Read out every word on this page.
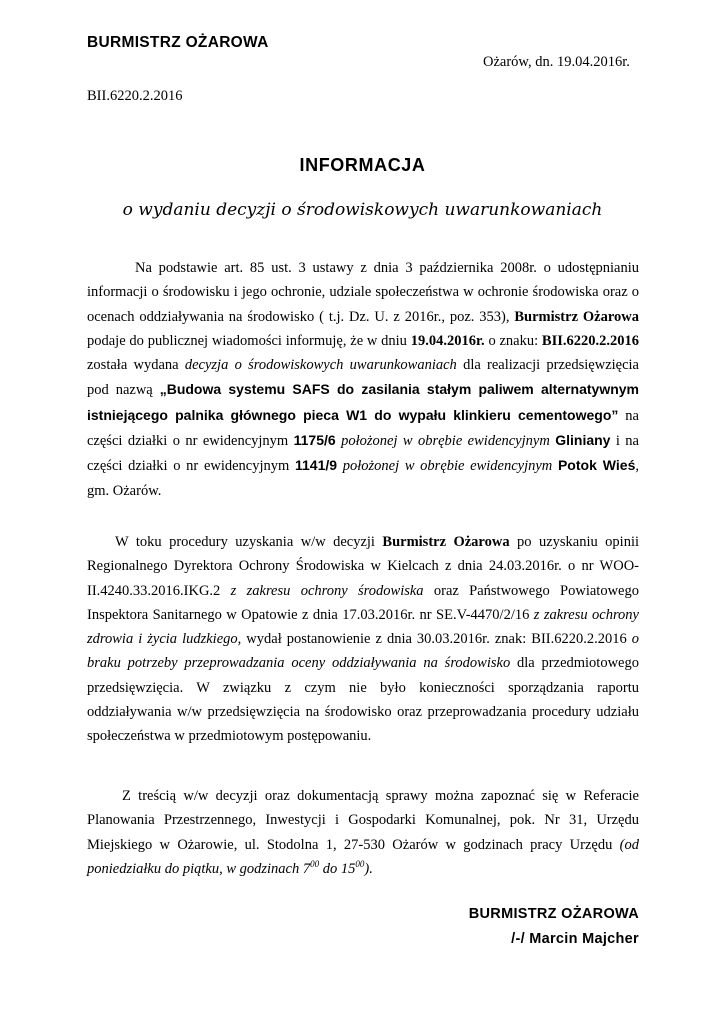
BURMISTRZ OŻAROWA
Ożarów, dn. 19.04.2016r.
BII.6220.2.2016
INFORMACJA
o wydaniu decyzji o środowiskowych uwarunkowaniach

Na podstawie art. 85 ust. 3 ustawy z dnia 3 października 2008r. o udostępnianiu informacji o środowisku i jego ochronie, udziale społeczeństwa w ochronie środowiska oraz o ocenach oddziaływania na środowisko ( t.j. Dz. U. z 2016r., poz. 353), Burmistrz Ożarowa podaje do publicznej wiadomości informuję, że w dniu 19.04.2016r. o znaku: BII.6220.2.2016 została wydana decyzja o środowiskowych uwarunkowaniach dla realizacji przedsięwzięcia pod nazwą „Budowa systemu SAFS do zasilania stałym paliwem alternatywnym istniejącego palnika głównego pieca W1 do wypału klinkieru cementowego” na części działki o nr ewidencyjnym 1175/6 położonej w obrębie ewidencyjnym Gliniany i na części działki o nr ewidencyjnym 1141/9 położonej w obrębie ewidencyjnym Potok Wieś, gm. Ożarów.

W toku procedury uzyskania w/w decyzji Burmistrz Ożarowa po uzyskaniu opinii Regionalnego Dyrektora Ochrony Środowiska w Kielcach z dnia 24.03.2016r. o nr WOO-II.4240.33.2016.IKG.2 z zakresu ochrony środowiska oraz Państwowego Powiatowego Inspektora Sanitarnego w Opatowie z dnia 17.03.2016r. nr SE.V-4470/2/16 z zakresu ochrony zdrowia i życia ludzkiego, wydał postanowienie z dnia 30.03.2016r. znak: BII.6220.2.2016 o braku potrzeby przeprowadzania oceny oddziaływania na środowisko dla przedmiotowego przedsięwzięcia. W związku z czym nie było konieczności sporządzania raportu oddziaływania w/w przedsięwzięcia na środowisko oraz przeprowadzania procedury udziału społeczeństwa w przedmiotowym postępowaniu.

Z treścią w/w decyzji oraz dokumentacją sprawy można zapoznać się w Referacie Planowania Przestrzennego, Inwestycji i Gospodarki Komunalnej, pok. Nr 31, Urzędu Miejskiego w Ożarowie, ul. Stodolna 1, 27-530 Ożarów w godzinach pracy Urzędu (od poniedziałku do piątku, w godzinach $7^{00}$ do $15^{00}$).

BURMISTRZ OŻAROWA
/-/ Marcin Majcher
